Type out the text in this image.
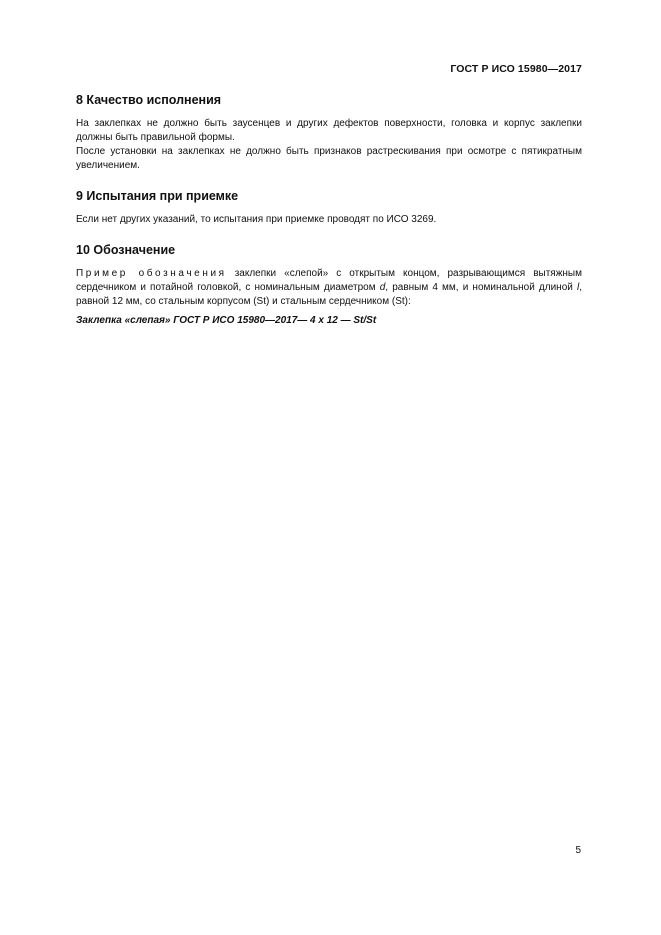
ГОСТ Р ИСО 15980—2017
8 Качество исполнения

На заклепках не должно быть заусенцев и других дефектов поверхности, головка и корпус заклепки должны быть правильной формы.

После установки на заклепках не должно быть признаков растрескивания при осмотре с пятикратным увеличением.

9 Испытания при приемке

Если нет других указаний, то испытания при приемке проводят по ИСО 3269.

10 Обозначение

Пример обозначения заклепки «слепой» с открытым концом, разрывающимся вытяжным сердечником и потайной головкой, с номинальным диаметром d, равным 4 мм, и номинальной длиной l, равной 12 мм, со стальным корпусом (St) и стальным сердечником (St):

Заклепка «слепая» ГОСТ Р ИСО 15980—2017— 4 x 12 — St/St
5
